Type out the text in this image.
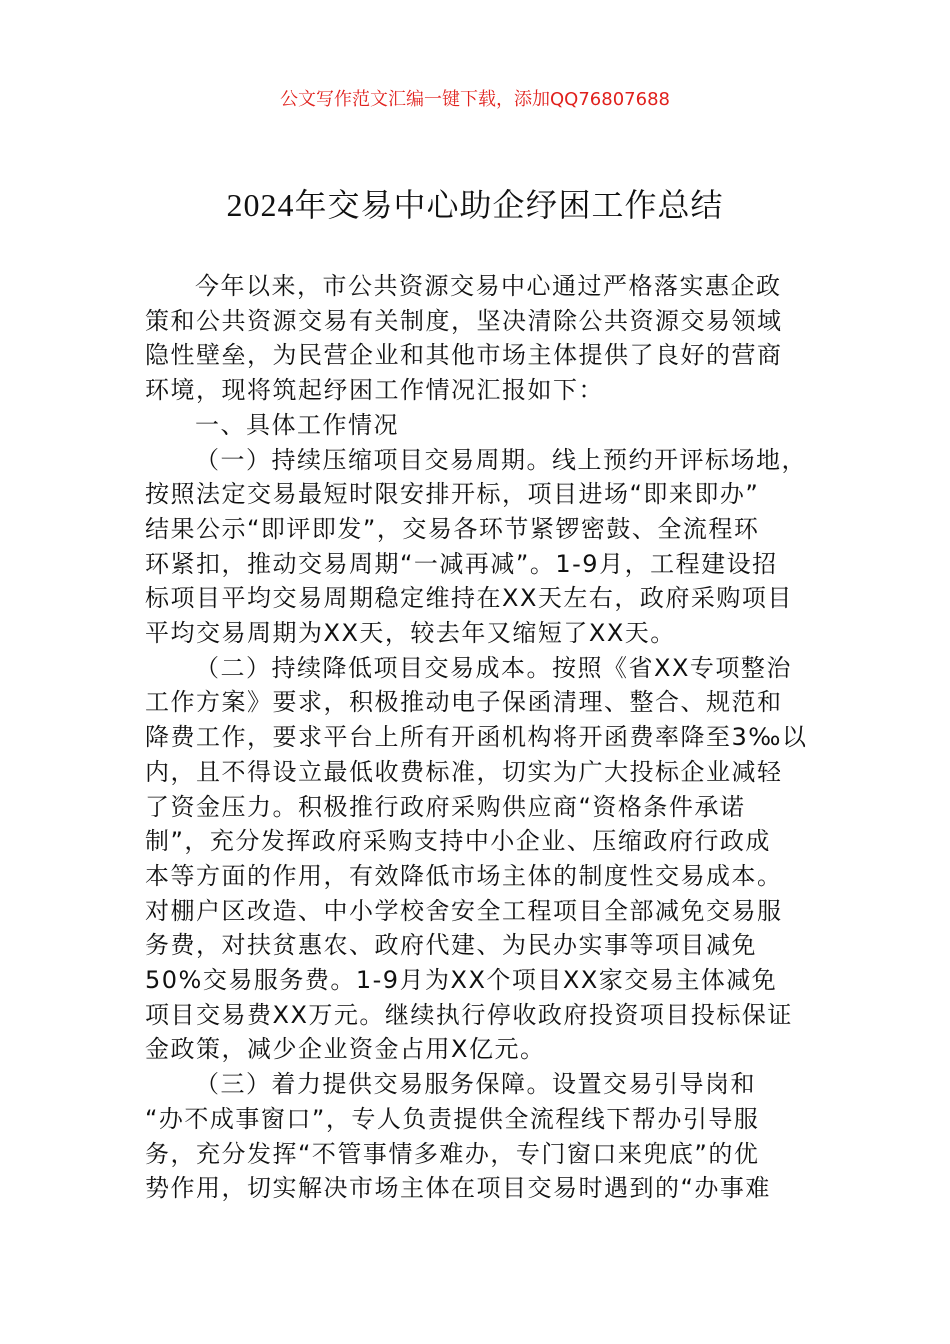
公文写作范文汇编一键下载，添加QQ76807688
2024年交易中心助企纾困工作总结
今年以来，市公共资源交易中心通过严格落实惠企政
策和公共资源交易有关制度，坚决清除公共资源交易领域
隐性壁垒，为民营企业和其他市场主体提供了良好的营商
环境，现将筑起纾困工作情况汇报如下：
一、具体工作情况
（一）持续压缩项目交易周期。线上预约开评标场地，
按照法定交易最短时限安排开标，项目进场“即来即办”
结果公示“即评即发”，交易各环节紧锣密鼓、全流程环
环紧扣，推动交易周期“一减再减”。1-9月，工程建设招
标项目平均交易周期稳定维持在XX天左右，政府采购项目
平均交易周期为XX天，较去年又缩短了XX天。
（二）持续降低项目交易成本。按照《省XX专项整治
工作方案》要求，积极推动电子保函清理、整合、规范和
降费工作，要求平台上所有开函机构将开函费率降至3‰以
内，且不得设立最低收费标准，切实为广大投标企业减轻
了资金压力。积极推行政府采购供应商“资格条件承诺
制”，充分发挥政府采购支持中小企业、压缩政府行政成
本等方面的作用，有效降低市场主体的制度性交易成本。
对棚户区改造、中小学校舍安全工程项目全部减免交易服
务费，对扶贫惠农、政府代建、为民办实事等项目减免
50%交易服务费。1-9月为XX个项目XX家交易主体减免
项目交易费XX万元。继续执行停收政府投资项目投标保证
金政策，减少企业资金占用X亿元。
（三）着力提供交易服务保障。设置交易引导岗和
“办不成事窗口”，专人负责提供全流程线下帮办引导服
务，充分发挥“不管事情多难办，专门窗口来兜底”的优
势作用，切实解决市场主体在项目交易时遇到的“办事难
